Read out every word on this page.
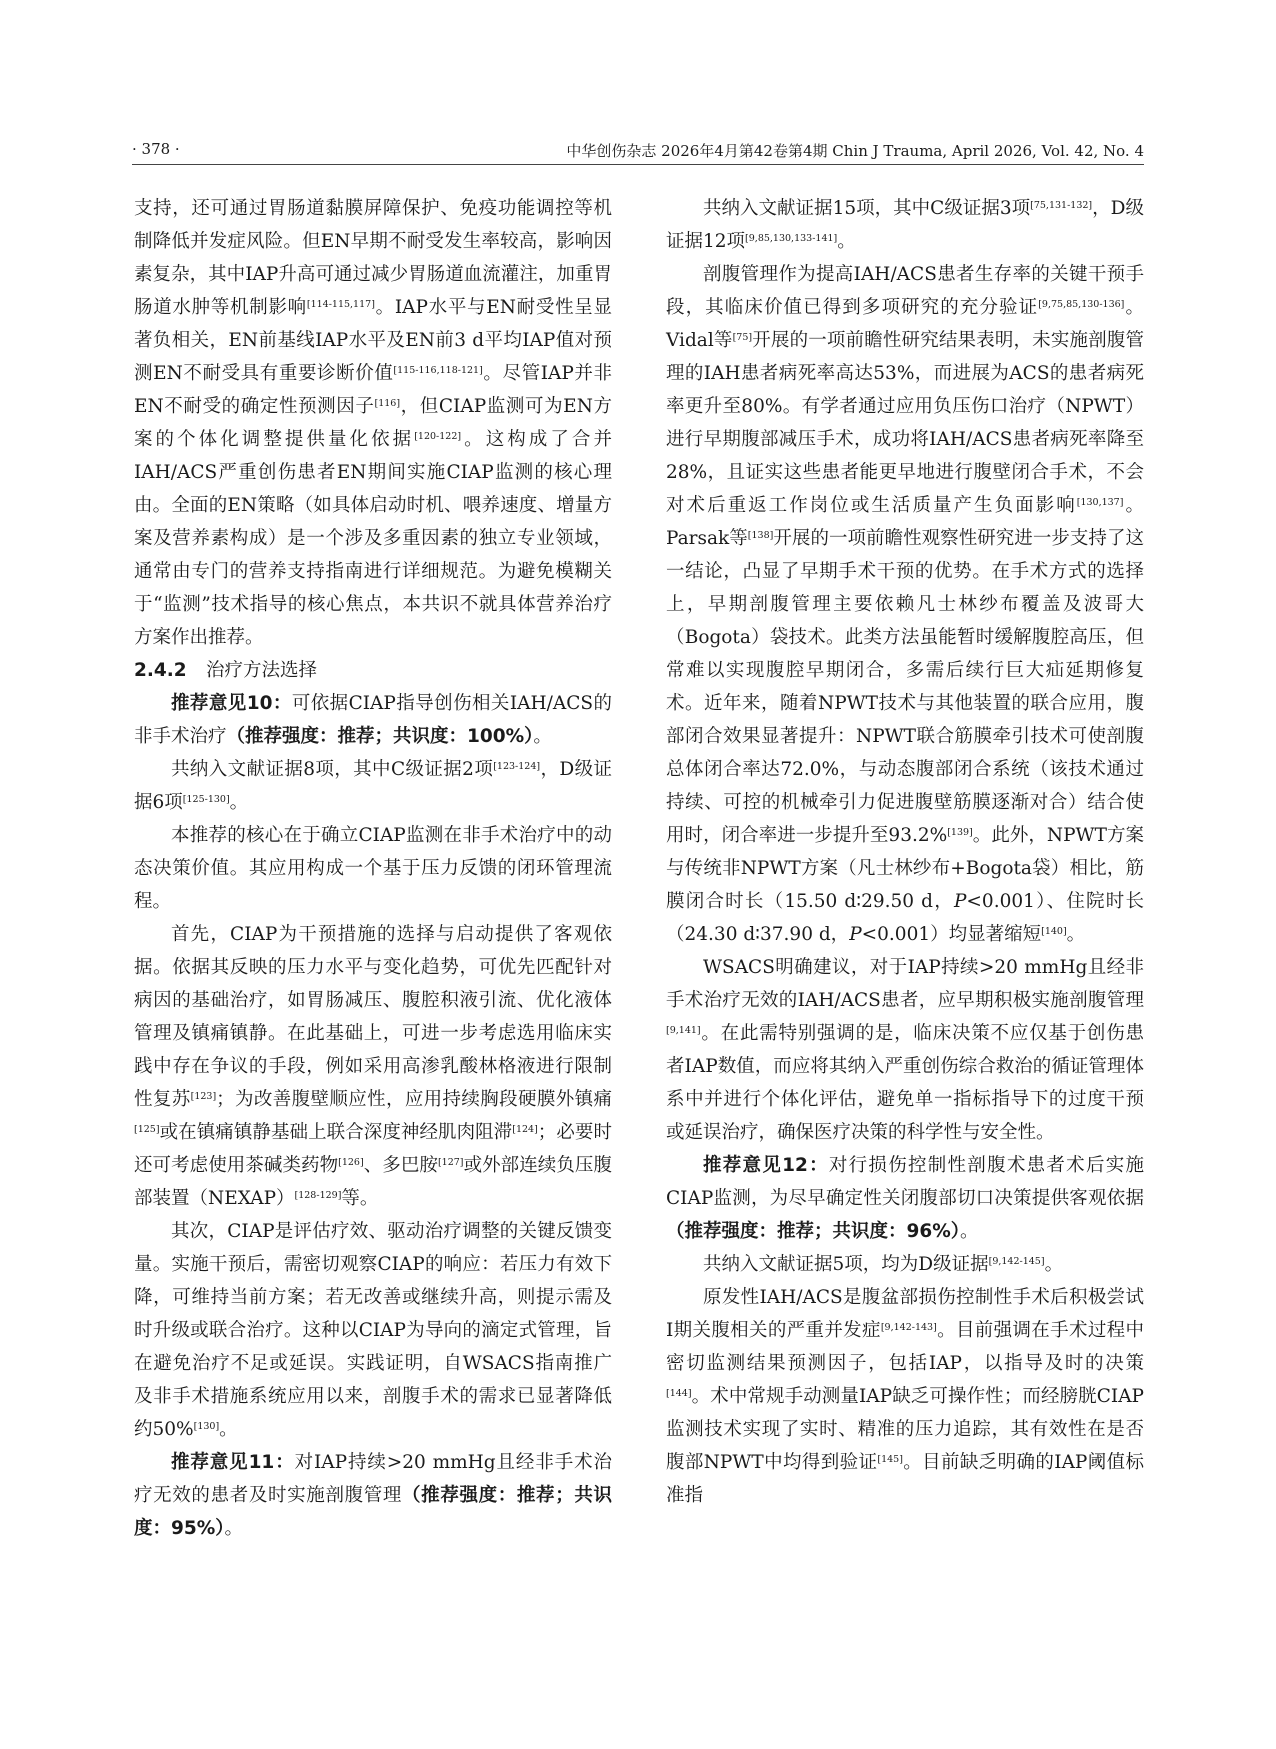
· 378 ·	中华创伤杂志 2026年4月第42卷第4期 Chin J Trauma, April 2026, Vol. 42, No. 4

支持，还可通过胃肠道黏膜屏障保护、免疫功能调控等机制降低并发症风险。但EN早期不耐受发生率较高，影响因素复杂，其中IAP升高可通过减少胃肠道血流灌注，加重胃肠道水肿等机制影响[114-115,117]。IAP水平与EN耐受性呈显著负相关，EN前基线IAP水平及EN前3 d平均IAP值对预测EN不耐受具有重要诊断价值[115-116,118-121]。尽管IAP并非EN不耐受的确定性预测因子[116]，但CIAP监测可为EN方案的个体化调整提供量化依据[120-122]。这构成了合并IAH/ACS严重创伤患者EN期间实施CIAP监测的核心理由。全面的EN策略（如具体启动时机、喂养速度、增量方案及营养素构成）是一个涉及多重因素的独立专业领域，通常由专门的营养支持指南进行详细规范。为避免模糊关于“监测”技术指导的核心焦点，本共识不就具体营养治疗方案作出推荐。

2.4.2 治疗方法选择

推荐意见10：可依据CIAP指导创伤相关IAH/ACS的非手术治疗（推荐强度：推荐；共识度：100%）。

共纳入文献证据8项，其中C级证据2项[123-124]，D级证据6项[125-130]。

本推荐的核心在于确立CIAP监测在非手术治疗中的动态决策价值。其应用构成一个基于压力反馈的闭环管理流程。

首先，CIAP为干预措施的选择与启动提供了客观依据。依据其反映的压力水平与变化趋势，可优先匹配针对病因的基础治疗，如胃肠减压、腹腔积液引流、优化液体管理及镇痛镇静。在此基础上，可进一步考虑选用临床实践中存在争议的手段，例如采用高渗乳酸林格液进行限制性复苏[123]；为改善腹壁顺应性，应用持续胸段硬膜外镇痛[125]或在镇痛镇静基础上联合深度神经肌肉阻滞[124]；必要时还可考虑使用茶碱类药物[126]、多巴胺[127]或外部连续负压腹部装置（NEXAP）[128-129]等。

其次，CIAP是评估疗效、驱动治疗调整的关键反馈变量。实施干预后，需密切观察CIAP的响应：若压力有效下降，可维持当前方案；若无改善或继续升高，则提示需及时升级或联合治疗。这种以CIAP为导向的滴定式管理，旨在避免治疗不足或延误。实践证明，自WSACS指南推广及非手术措施系统应用以来，剖腹手术的需求已显著降低约50%[130]。

推荐意见11：对IAP持续>20 mmHg且经非手术治疗无效的患者及时实施剖腹管理（推荐强度：推荐；共识度：95%）。

共纳入文献证据15项，其中C级证据3项[75,131-132]，D级证据12项[9,85,130,133-141]。

剖腹管理作为提高IAH/ACS患者生存率的关键干预手段，其临床价值已得到多项研究的充分验证[9,75,85,130-136]。Vidal等[75]开展的一项前瞻性研究结果表明，未实施剖腹管理的IAH患者病死率高达53%，而进展为ACS的患者病死率更升至80%。有学者通过应用负压伤口治疗（NPWT）进行早期腹部减压手术，成功将IAH/ACS患者病死率降至28%，且证实这些患者能更早地进行腹壁闭合手术，不会对术后重返工作岗位或生活质量产生负面影响[130,137]。Parsak等[138]开展的一项前瞻性观察性研究进一步支持了这一结论，凸显了早期手术干预的优势。在手术方式的选择上，早期剖腹管理主要依赖凡士林纱布覆盖及波哥大（Bogota）袋技术。此类方法虽能暂时缓解腹腔高压，但常难以实现腹腔早期闭合，多需后续行巨大疝延期修复术。近年来，随着NPWT技术与其他装置的联合应用，腹部闭合效果显著提升：NPWT联合筋膜牵引技术可使剖腹总体闭合率达72.0%，与动态腹部闭合系统（该技术通过持续、可控的机械牵引力促进腹壁筋膜逐渐对合）结合使用时，闭合率进一步提升至93.2%[139]。此外，NPWT方案与传统非NPWT方案（凡士林纱布+Bogota袋）相比，筋膜闭合时长（15.50 d∶29.50 d，P<0.001）、住院时长（24.30 d∶37.90 d，P<0.001）均显著缩短[140]。

WSACS明确建议，对于IAP持续>20 mmHg且经非手术治疗无效的IAH/ACS患者，应早期积极实施剖腹管理[9,141]。在此需特别强调的是，临床决策不应仅基于创伤患者IAP数值，而应将其纳入严重创伤综合救治的循证管理体系中并进行个体化评估，避免单一指标指导下的过度干预或延误治疗，确保医疗决策的科学性与安全性。

推荐意见12：对行损伤控制性剖腹术患者术后实施CIAP监测，为尽早确定性关闭腹部切口决策提供客观依据（推荐强度：推荐；共识度：96%）。

共纳入文献证据5项，均为D级证据[9,142-145]。

原发性IAH/ACS是腹盆部损伤控制性手术后积极尝试Ⅰ期关腹相关的严重并发症[9,142-143]。目前强调在手术过程中密切监测结果预测因子，包括IAP，以指导及时的决策[144]。术中常规手动测量IAP缺乏可操作性；而经膀胱CIAP监测技术实现了实时、精准的压力追踪，其有效性在是否腹部NPWT中均得到验证[145]。目前缺乏明确的IAP阈值标准指
